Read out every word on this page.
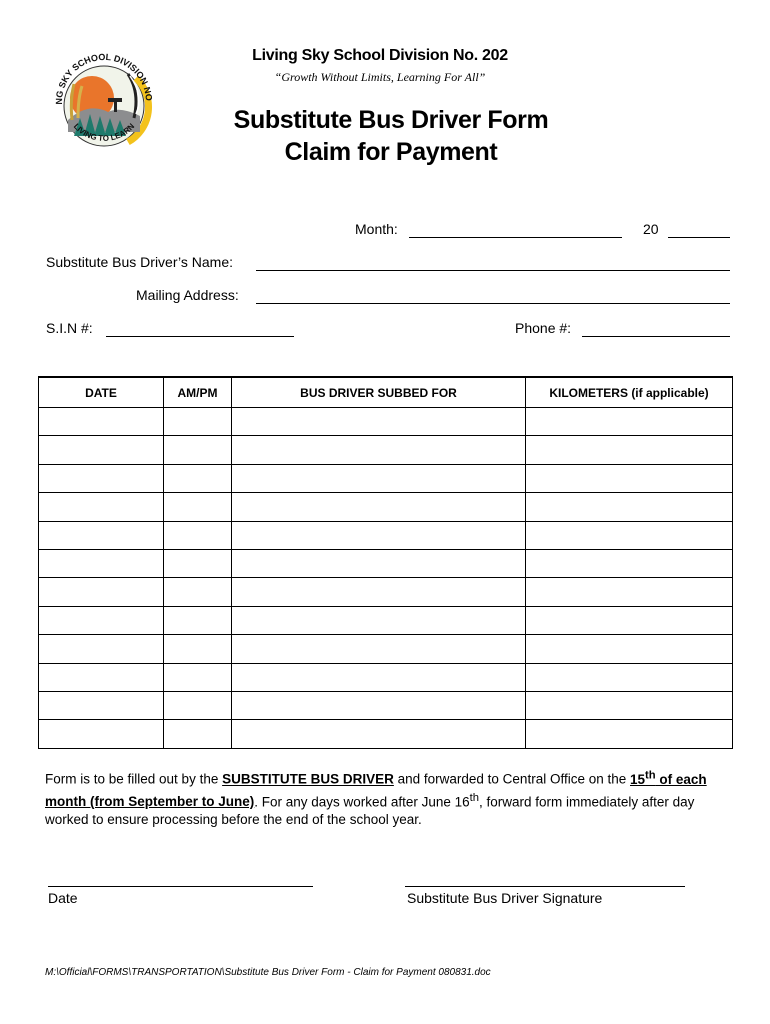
NG SKY SCHOOL DIVISION NO
LIVING TO LEARN
Living Sky School Division No. 202
“Growth Without Limits, Learning For All”
Substitute Bus Driver Form
Claim for Payment
Month:	20
Substitute Bus Driver’s Name:
Mailing Address:
S.I.N #:	Phone #:
DATE	AM/PM	BUS DRIVER SUBBED FOR	KILOMETERS (if applicable)

Form is to be filled out by the SUBSTITUTE BUS DRIVER and forwarded to Central Office on the 15th of each month (from September to June). For any days worked after June 16th, forward form immediately after day worked to ensure processing before the end of the school year.
Date	Substitute Bus Driver Signature
M:\Official\FORMS\TRANSPORTATION\Substitute Bus Driver Form - Claim for Payment 080831.doc
